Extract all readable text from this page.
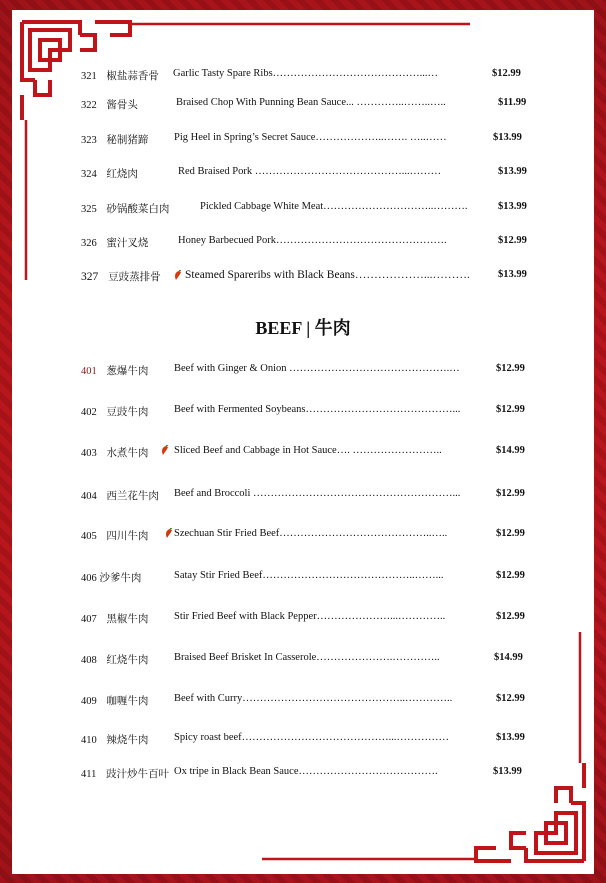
321 椒盐蒜香骨 Garlic Tasty Spare Ribs……………………………………...…	$12.99
322 酱骨头	Braised Chop With Punning Bean Sauce... …………..……..…..	$11.99
323 秘制猪蹄 Pig Heel in Spring’s Secret Sauce………………..……. …..……	$13.99
324 红烧肉	Red Braised Pork ……………………………………...………	$13.99
325 砂锅酸菜白肉	Pickled Cabbage White Meat…………………………..……….	$13.99
326 蜜汁叉烧	Honey Barbecued Pork………………………………………….	$12.99
327 豆豉蒸排骨 Steamed Spareribs with Black Beans………………...……….	$13.99
BEEF | 牛肉
401 葱爆牛肉 Beef with Ginger & Onion ……………………………………….…	$12.99
402 豆豉牛肉 Beef with Fermented Soybeans……………………………………...	$12.99
403 水煮牛肉 Sliced Beef and Cabbage in Hot Sauce…. ……………………..	$14.99
404 西兰花牛肉 Beef and Broccoli …………………………………………………...	$12.99
405 四川牛肉 Szechuan Stir Fried Beef……………………………………..…..	$12.99
406 沙爹牛肉	Satay Stir Fried Beef……………………………………..……...	$12.99
407 黑椒牛肉 Stir Fried Beef with Black Pepper…………………...…………..	$12.99
408 红烧牛肉 Braised Beef Brisket In Casserole………………….…………..	$14.99
409 咖喱牛肉 Beef with Curry………………………………………..…………..	$12.99
410 辣烧牛肉 Spicy roast beef……………………………………...……………	$13.99
411 豉汁炒牛百叶 Ox tripe in Black Bean Sauce………………………………….	$13.99
